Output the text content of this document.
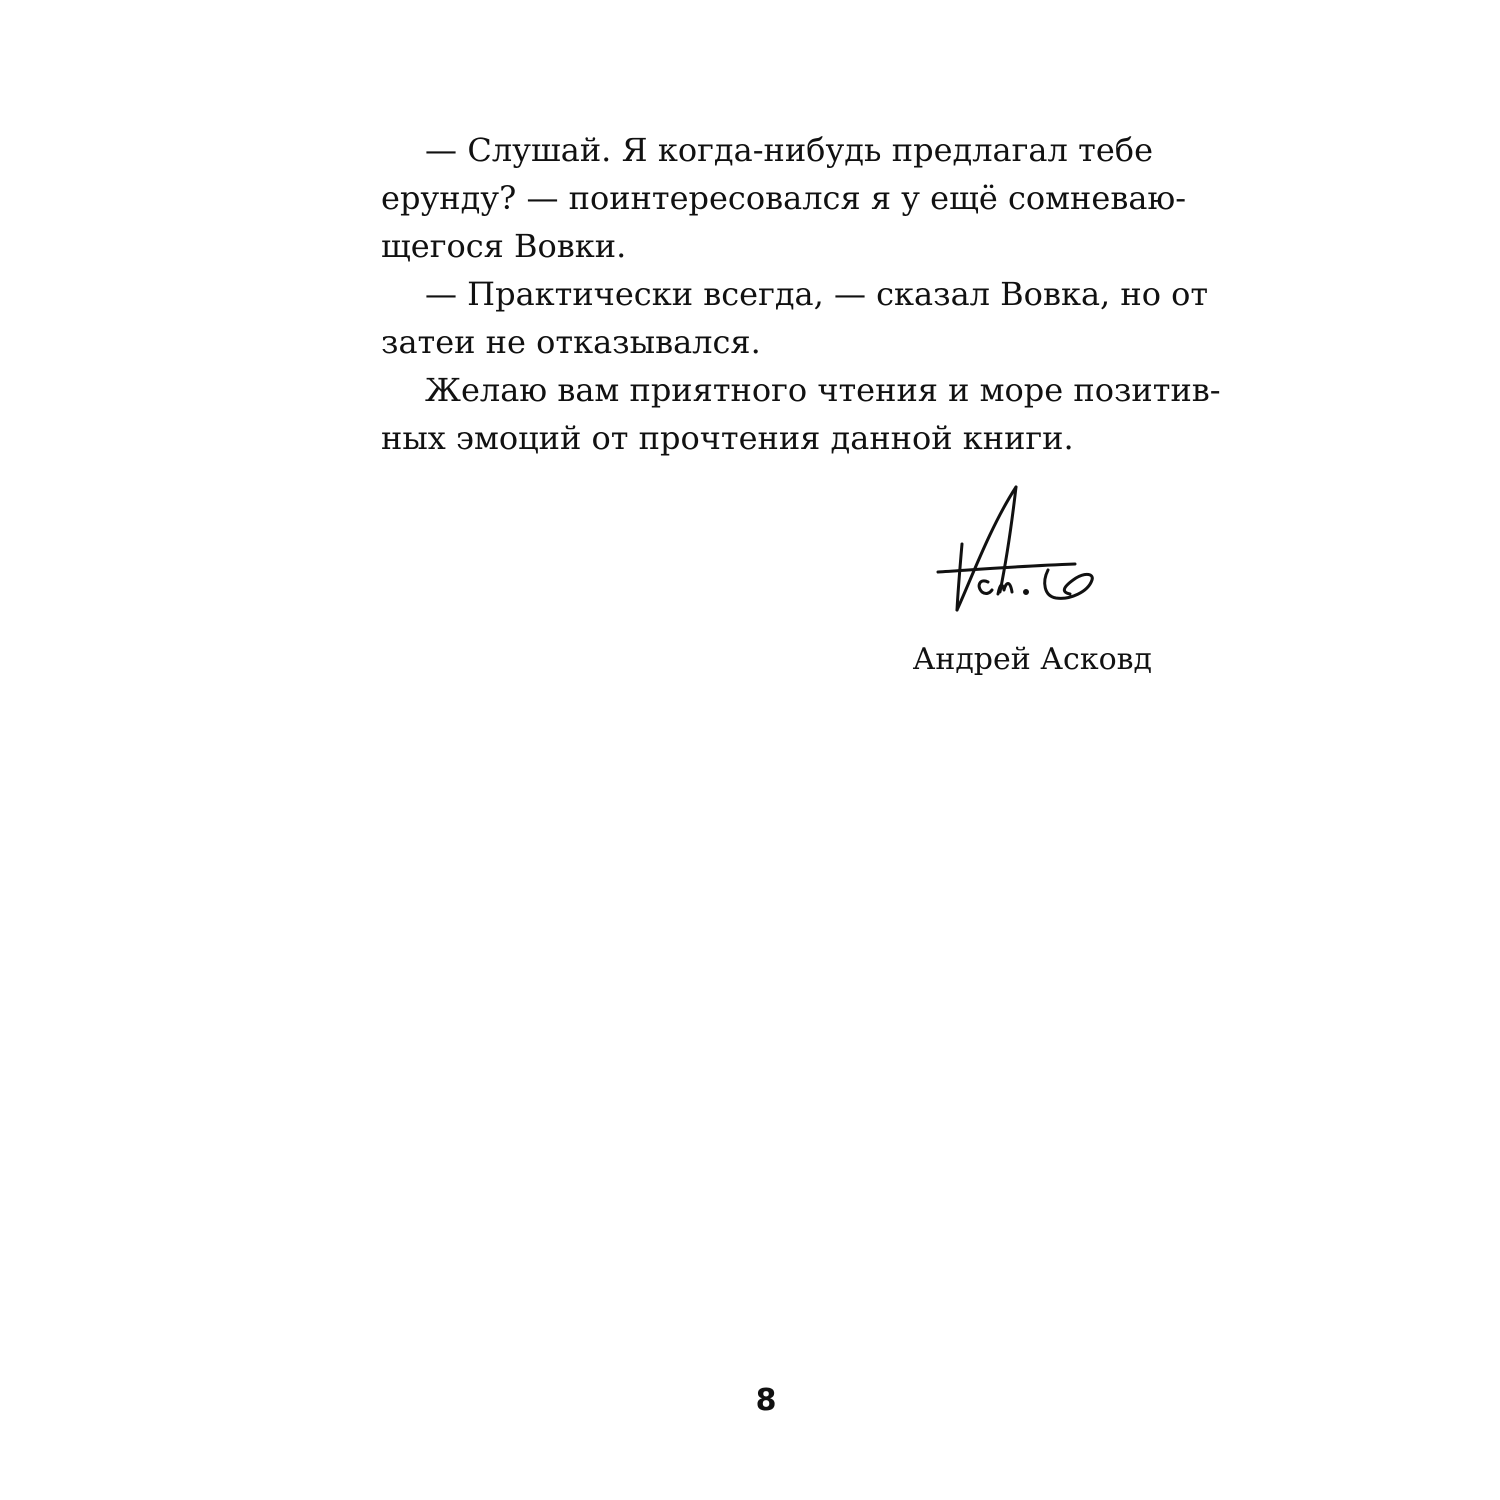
— Слушай. Я когда-нибудь предлагал тебе
ерунду? — поинтересовался я у ещё сомневаю-
щегося Вовки.
— Практически всегда, — сказал Вовка, но от
затеи не отказывался.
Желаю вам приятного чтения и море позитив-
ных эмоций от прочтения данной книги.
Андрей Асковд
8
